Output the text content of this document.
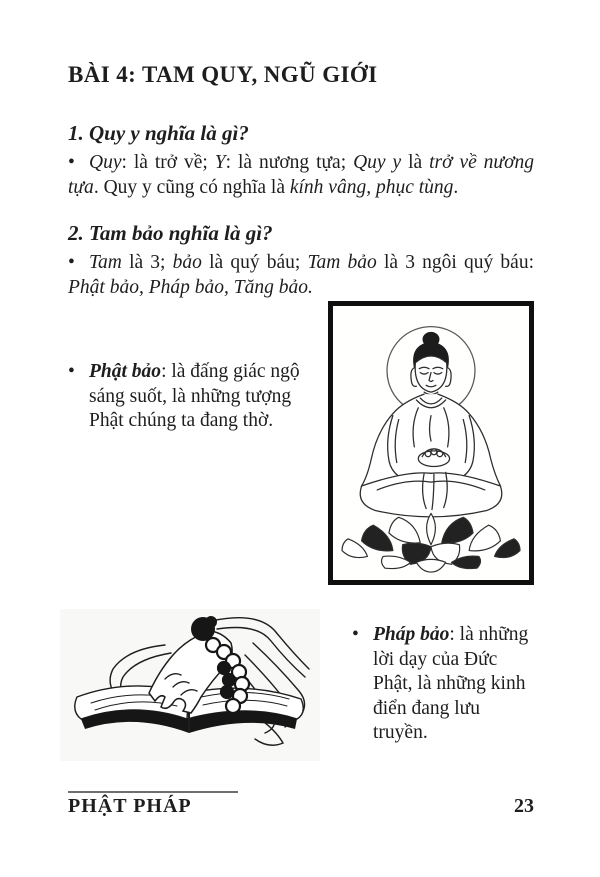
BÀI 4: TAM QUY, NGŨ GIỚI
1. Quy y nghĩa là gì?
• Quy: là trở về; Y: là nương tựa; Quy y là trở về nương tựa. Quy y cũng có nghĩa là kính vâng, phục tùng.
2. Tam bảo nghĩa là gì?
• Tam là 3; bảo là quý báu; Tam bảo là 3 ngôi quý báu: Phật bảo, Pháp bảo, Tăng bảo.
• Phật bảo: là đấng giác ngộ sáng suốt, là những tượng Phật chúng ta đang thờ.
• Pháp bảo: là những lời dạy của Đức Phật, là những kinh điển đang lưu truyền.
PHẬT PHÁP	23
